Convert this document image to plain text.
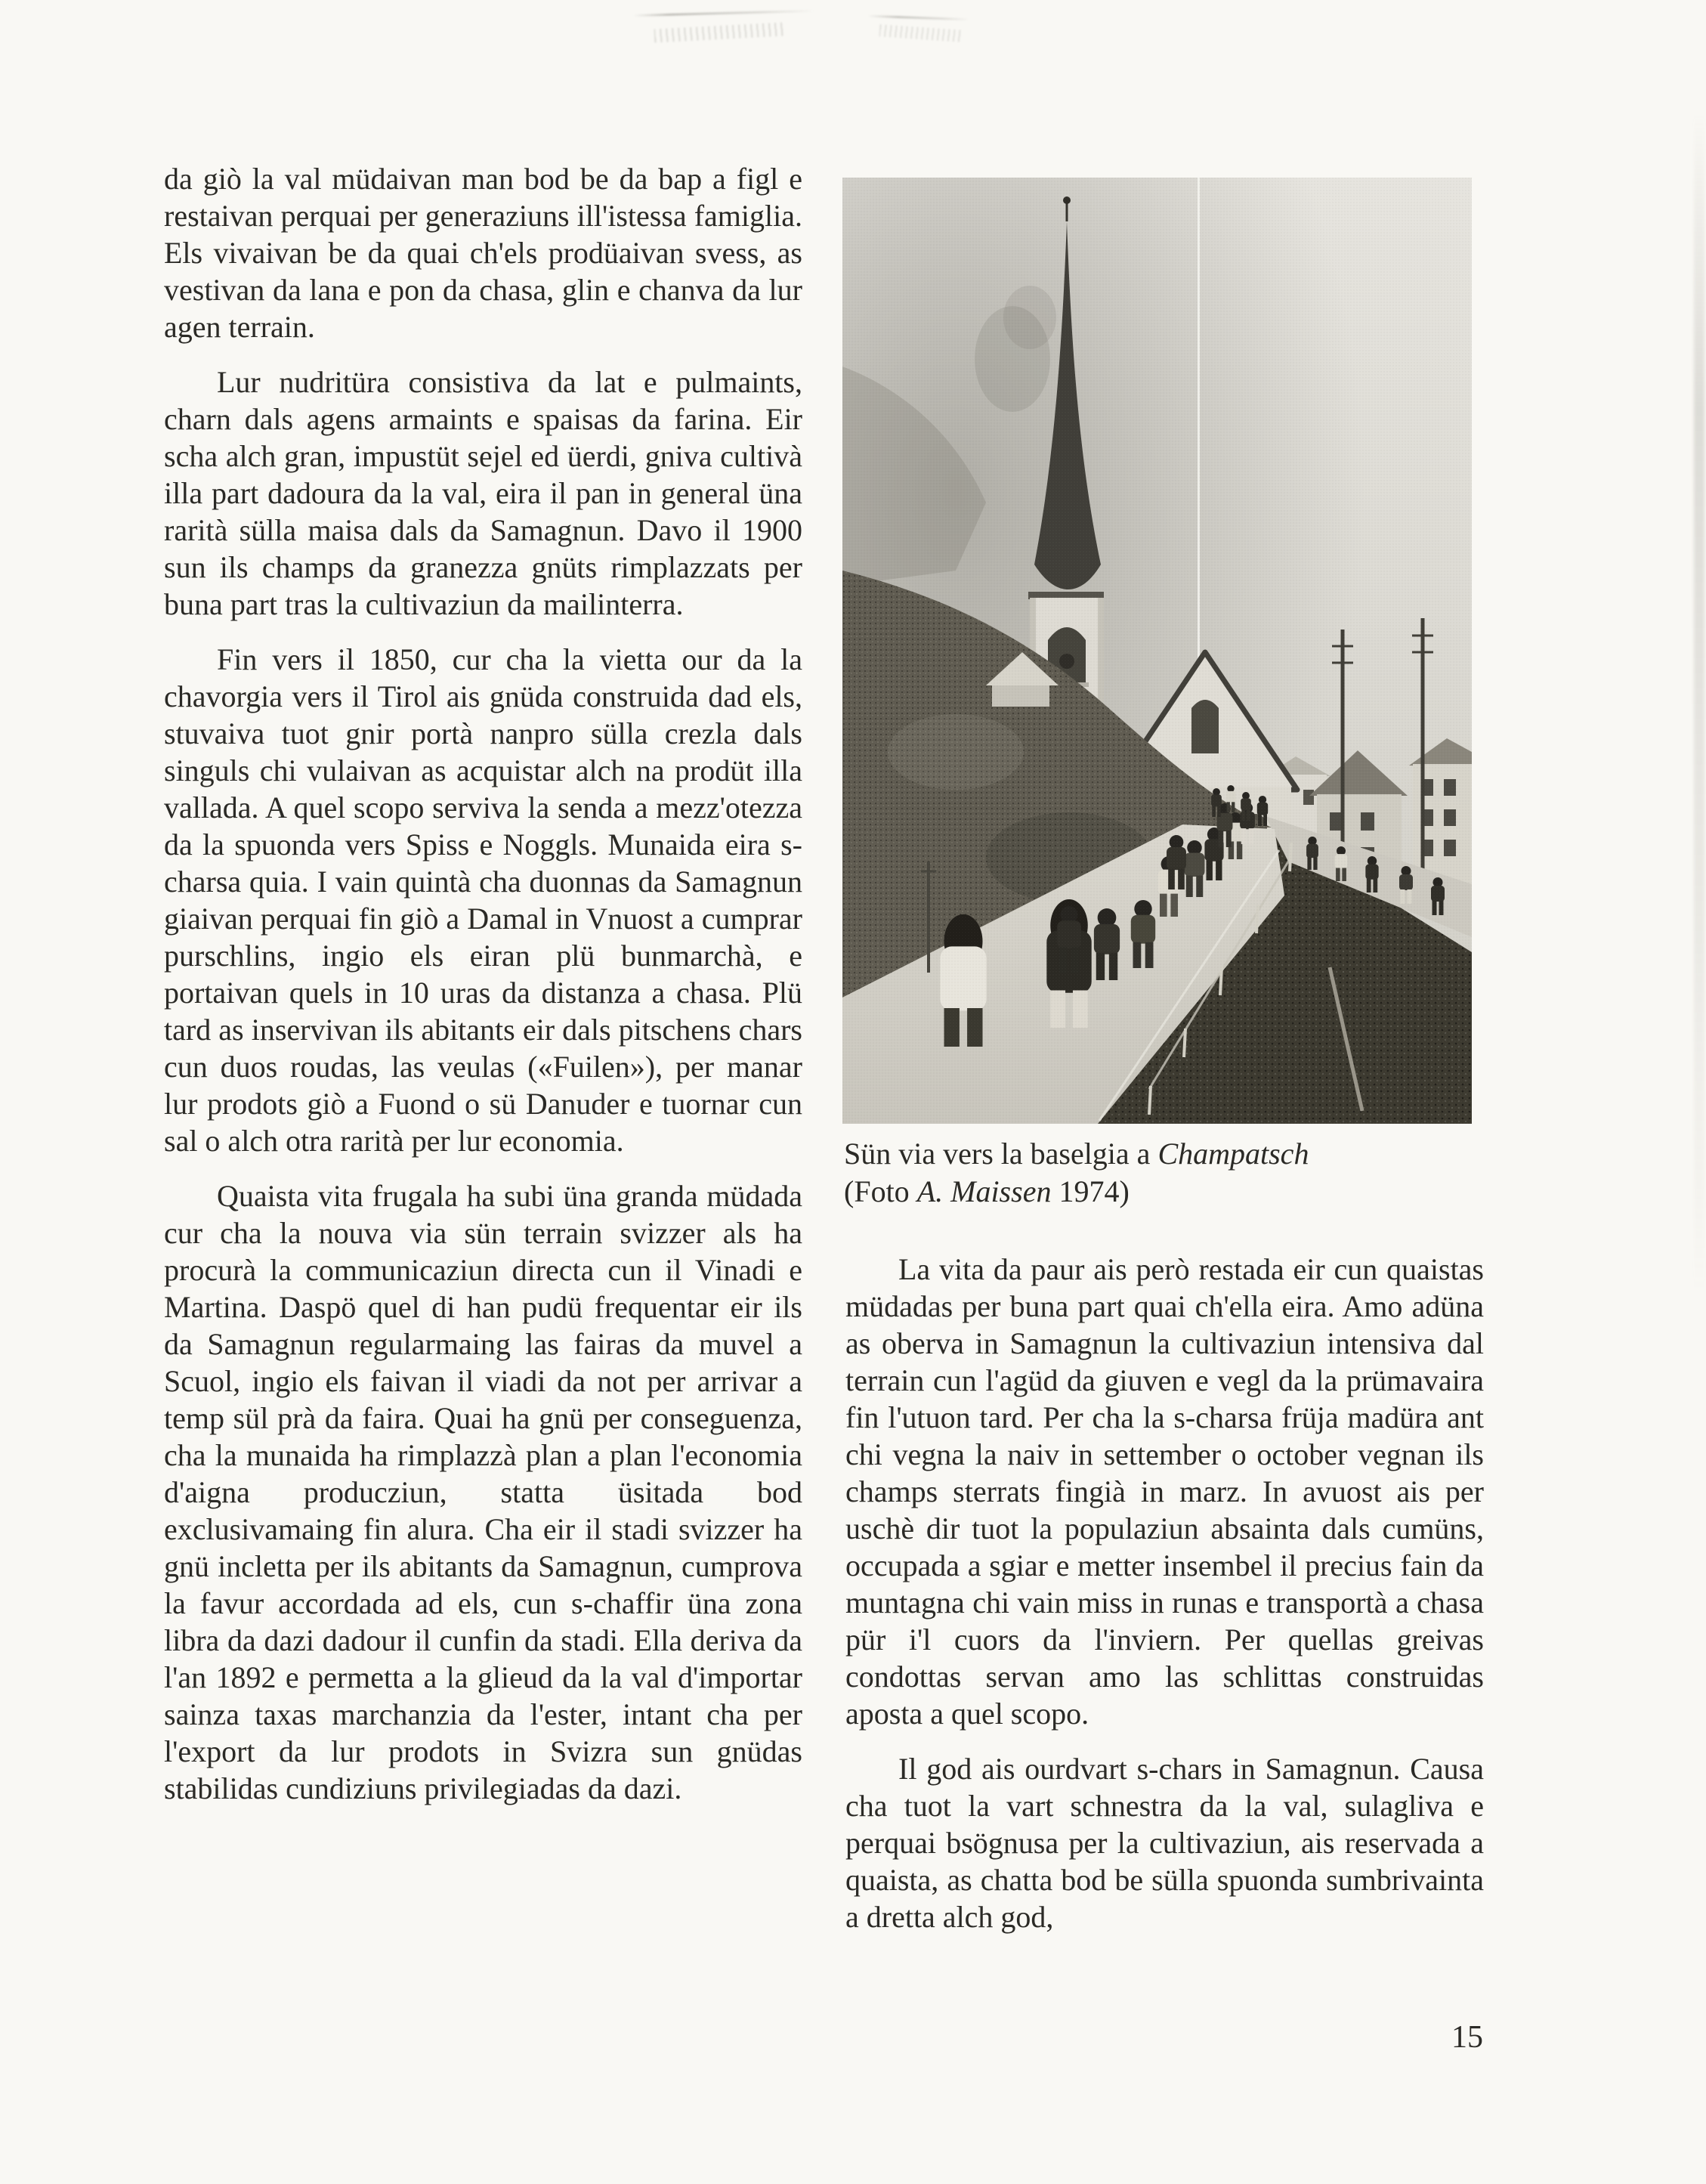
da giò la val müdaivan man bod be da bap a figl e restaivan perquai per generaziuns ill'istessa famiglia. Els vivaivan be da quai ch'els prodüaivan svess, as vestivan da lana e pon da chasa, glin e chanva da lur agen terrain.

Lur nudritüra consistiva da lat e pulmaints, charn dals agens armaints e spaisas da farina. Eir scha alch gran, impustüt sejel ed üerdi, gniva cultivà illa part dadoura da la val, eira il pan in general üna rarità sülla maisa dals da Samagnun. Davo il 1900 sun ils champs da granezza gnüts rimplazzats per buna part tras la cultivaziun da mailinterra.

Fin vers il 1850, cur cha la vietta our da la chavorgia vers il Tirol ais gnüda construida dad els, stuvaiva tuot gnir portà nanpro sülla crezla dals singuls chi vulaivan as acquistar alch na prodüt illa vallada. A quel scopo serviva la senda a mezz'otezza da la spuonda vers Spiss e Noggls. Munaida eira s-charsa quia. I vain quintà cha duonnas da Samagnun giaivan perquai fin giò a Damal in Vnuost a cumprar purschlins, ingio els eiran plü bunmarchà, e portaivan quels in 10 uras da distanza a chasa. Plü tard as inservivan ils abitants eir dals pitschens chars cun duos roudas, las veulas («Fuilen»), per manar lur prodots giò a Fuond o sü Danuder e tuornar cun sal o alch otra rarità per lur economia.

Quaista vita frugala ha subi üna granda müdada cur cha la nouva via sün terrain svizzer als ha procurà la communicaziun directa cun il Vinadi e Martina. Daspö quel di han pudü frequentar eir ils da Samagnun regularmaing las fairas da muvel a Scuol, ingio els faivan il viadi da not per arrivar a temp sül prà da faira. Quai ha gnü per conseguenza, cha la munaida ha rimplazzà plan a plan l'economia d'aigna producziun, statta üsitada bod exclusivamaing fin alura. Cha eir il stadi svizzer ha gnü incletta per ils abitants da Samagnun, cumprova la favur accordada ad els, cun s-chaffir üna zona libra da dazi dadour il cunfin da stadi. Ella deriva da l'an 1892 e permetta a la glieud da la val d'importar sainza taxas marchanzia da l'ester, intant cha per l'export da lur prodots in Svizra sun gnüdas stabilidas cundiziuns privilegiadas da dazi.

Sün via vers la baselgia a Champatsch
(Foto A. Maissen 1974)

La vita da paur ais però restada eir cun quaistas müdadas per buna part quai ch'ella eira. Amo adüna as oberva in Samagnun la cultivaziun intensiva dal terrain cun l'agüd da giuven e vegl da la prümavaira fin l'utuon tard. Per cha la s-charsa früja madüra ant chi vegna la naiv in settember o october vegnan ils champs sterrats fingià in marz. In avuost ais per uschè dir tuot la populaziun absainta dals cumüns, occupada a sgiar e metter insembel il precius fain da muntagna chi vain miss in runas e transportà a chasa pür i'l cuors da l'inviern. Per quellas greivas condottas servan amo las schlittas construidas aposta a quel scopo.

Il god ais ourdvart s-chars in Samagnun. Causa cha tuot la vart schnestra da la val, sulagliva e perquai bsögnusa per la cultivaziun, ais reservada a quaista, as chatta bod be sülla spuonda sumbrivainta a dretta alch god,

15
